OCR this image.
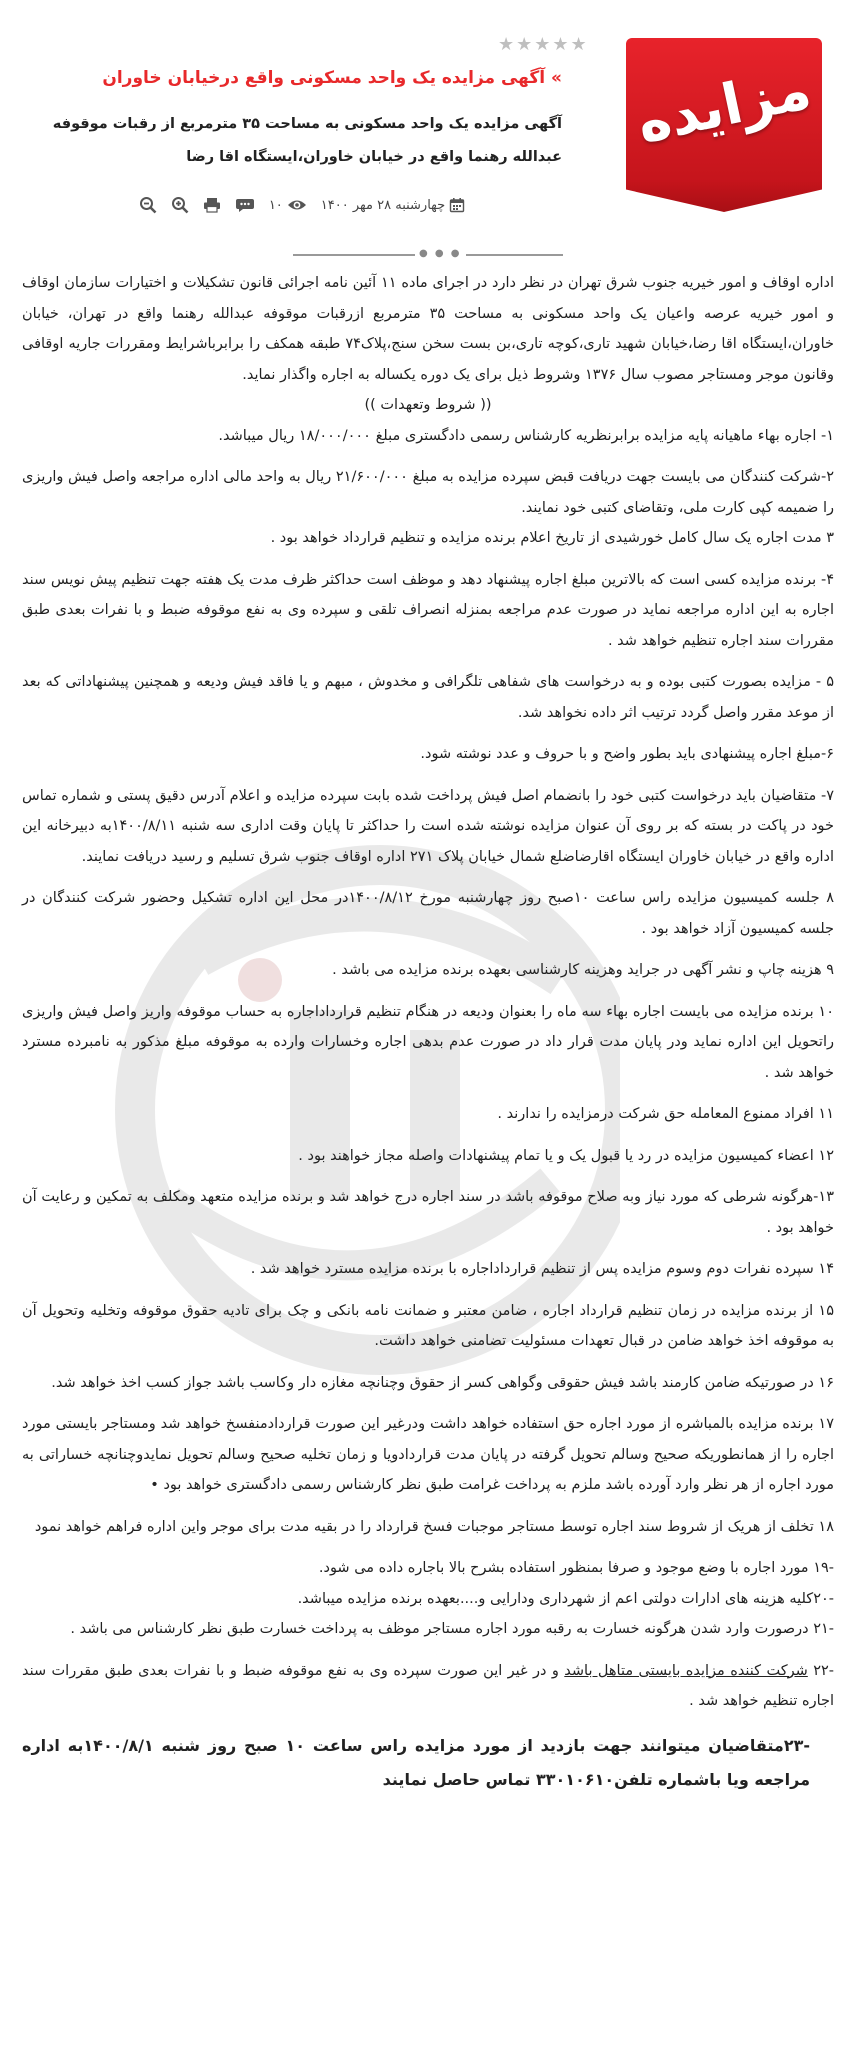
مزایده
★★★★★
» آگهی مزایده یک واحد مسکونی واقع درخیابان خاوران
آگهی مزایده یک واحد مسکونی به مساحت ۳۵ مترمربع از رقبات موقوفه عبدالله رهنما واقع در خیابان خاوران،ایستگاه اقا رضا
چهارشنبه ۲۸ مهر ۱۴۰۰
۱۰
● ● ●

اداره اوقاف و امور خیریه جنوب شرق تهران در نظر دارد در اجرای ماده ۱۱ آئین نامه اجرائی قانون تشکیلات و اختیارات سازمان اوقاف و امور خیریه عرصه واعیان یک واحد مسکونی به مساحت ۳۵ مترمربع ازرقبات موقوفه عبدالله رهنما واقع در تهران، خیابان خاوران،ایستگاه اقا رضا،خیابان شهید تاری،کوچه تاری،بن بست سخن سنج،پلاک۷۴ طبقه همکف را برابرباشرایط ومقررات جاریه اوقافی وقانون موجر ومستاجر مصوب سال ۱۳۷۶ وشروط ذیل برای یک دوره یکساله به اجاره واگذار نماید.

(( شروط وتعهدات ))

۱- اجاره بهاء ماهیانه پایه مزایده برابرنظریه کارشناس رسمی دادگستری مبلغ ۱۸/۰۰۰/۰۰۰ ریال میباشد.

۲-شرکت کنندگان می بایست جهت دریافت قبض سپرده مزایده به مبلغ ۲۱/۶۰۰/۰۰۰ ریال به واحد مالی اداره مراجعه واصل فیش واریزی را ضمیمه کپی کارت ملی، وتقاضای کتبی خود نمایند.

۳ مدت اجاره یک سال کامل خورشیدی از تاریخ اعلام برنده مزایده و تنظیم قرارداد خواهد بود .

۴- برنده مزایده کسی است که بالاترین مبلغ اجاره پیشنهاد دهد و موظف است حداکثر ظرف مدت یک هفته جهت تنظیم پیش نویس سند اجاره به این اداره مراجعه نماید در صورت عدم مراجعه بمنزله انصراف تلقی و سپرده وی به نفع موقوفه ضبط و با نفرات بعدی طبق مقررات سند اجاره تنظیم خواهد شد .

۵ - مزایده بصورت کتبی بوده و به درخواست های شفاهی تلگرافی و مخدوش ، مبهم و یا فاقد فیش ودیعه و همچنین پیشنهاداتی که بعد از موعد مقرر واصل گردد ترتیب اثر داده نخواهد شد.

۶-مبلغ اجاره پیشنهادی باید بطور واضح و با حروف و عدد نوشته شود.

۷- متقاضیان باید درخواست کتبی خود را بانضمام اصل فیش پرداخت شده بابت سپرده مزایده و اعلام آدرس دقیق پستی و شماره تماس خود در پاکت در بسته که بر روی آن عنوان مزایده نوشته شده است را حداکثر تا پایان وقت اداری سه شنبه ۱۴۰۰/۸/۱۱به دبیرخانه این اداره واقع در خیابان خاوران ایستگاه اقارضاضلع شمال خیابان پلاک ۲۷۱ اداره اوقاف جنوب شرق تسلیم و رسید دریافت نمایند.

۸ جلسه کمیسیون مزایده راس ساعت ۱۰صبح روز چهارشنبه مورخ ۱۴۰۰/۸/۱۲در محل این اداره تشکیل وحضور شرکت کنندگان در جلسه کمیسیون آزاد خواهد بود .

۹ هزینه چاپ و نشر آگهی در جراید وهزینه کارشناسی بعهده برنده مزایده می باشد .

۱۰ برنده مزایده می بایست اجاره بهاء سه ماه را بعنوان ودیعه در هنگام تنظیم قرارداداجاره به حساب موقوفه واریز واصل فیش واریزی راتحویل این اداره نماید ودر پایان مدت قرار داد در صورت عدم بدهی اجاره وخسارات وارده به موقوفه مبلغ مذکور به نامبرده مسترد خواهد شد .

۱۱ افراد ممنوع المعامله حق شرکت درمزایده را ندارند .

۱۲ اعضاء کمیسیون مزایده در رد یا قبول یک و یا تمام پیشنهادات واصله مجاز خواهند بود .

۱۳-هرگونه شرطی که مورد نیاز وبه صلاح موقوفه باشد در سند اجاره درج خواهد شد و برنده مزایده متعهد ومکلف به تمکین و رعایت آن خواهد بود .

۱۴ سپرده نفرات دوم وسوم مزایده پس از تنظیم قرارداداجاره با برنده مزایده مسترد خواهد شد .

۱۵ از برنده مزایده در زمان تنظیم قرارداد اجاره ، ضامن معتبر و ضمانت نامه بانکی و چک برای تادیه حقوق موقوفه وتخلیه وتحویل آن به موقوفه اخذ خواهد ضامن در قبال تعهدات مسئولیت تضامنی خواهد داشت.

۱۶ در صورتیکه ضامن کارمند باشد فیش حقوقی وگواهی کسر از حقوق وچنانچه مغازه دار وکاسب باشد جواز کسب اخذ خواهد شد.

۱۷ برنده مزایده بالمباشره از مورد اجاره حق استفاده خواهد داشت ودرغیر این صورت قراردادمنفسخ خواهد شد ومستاجر بایستی مورد اجاره را از همانطوریکه صحیح وسالم تحویل گرفته در پایان مدت قراردادویا و زمان تخلیه صحیح وسالم تحویل نمایدوچنانچه خساراتی به مورد اجاره از هر نظر وارد آورده باشد ملزم به پرداخت غرامت طبق نظر کارشناس رسمی دادگستری خواهد بود •

۱۸ تخلف از هریک از شروط سند اجاره توسط مستاجر موجبات فسخ قرارداد را در بقیه مدت برای موجر واین اداره فراهم خواهد نمود

-۱۹ مورد اجاره با وضع موجود و صرفا بمنظور استفاده بشرح بالا باجاره داده می شود.

-۲۰کلیه هزینه های ادارات دولتی اعم از شهرداری ودارایی و....بعهده برنده مزایده میباشد.

-۲۱ درصورت وارد شدن هرگونه خسارت به رقبه مورد اجاره مستاجر موظف به پرداخت خسارت طبق نظر کارشناس می باشد .

-۲۲ شرکت کننده مزایده بایستی متاهل باشد و در غیر این صورت سپرده وی به نفع موقوفه ضبط و با نفرات بعدی طبق مقررات سند اجاره تنظیم خواهد شد .

-۲۳متقاضیان میتوانند جهت بازدید از مورد مزایده راس ساعت ۱۰ صبح روز شنبه ۱۴۰۰/۸/۱به اداره مراجعه ویا باشماره تلفن۳۳۰۱۰۶۱۰ تماس حاصل نمایند
